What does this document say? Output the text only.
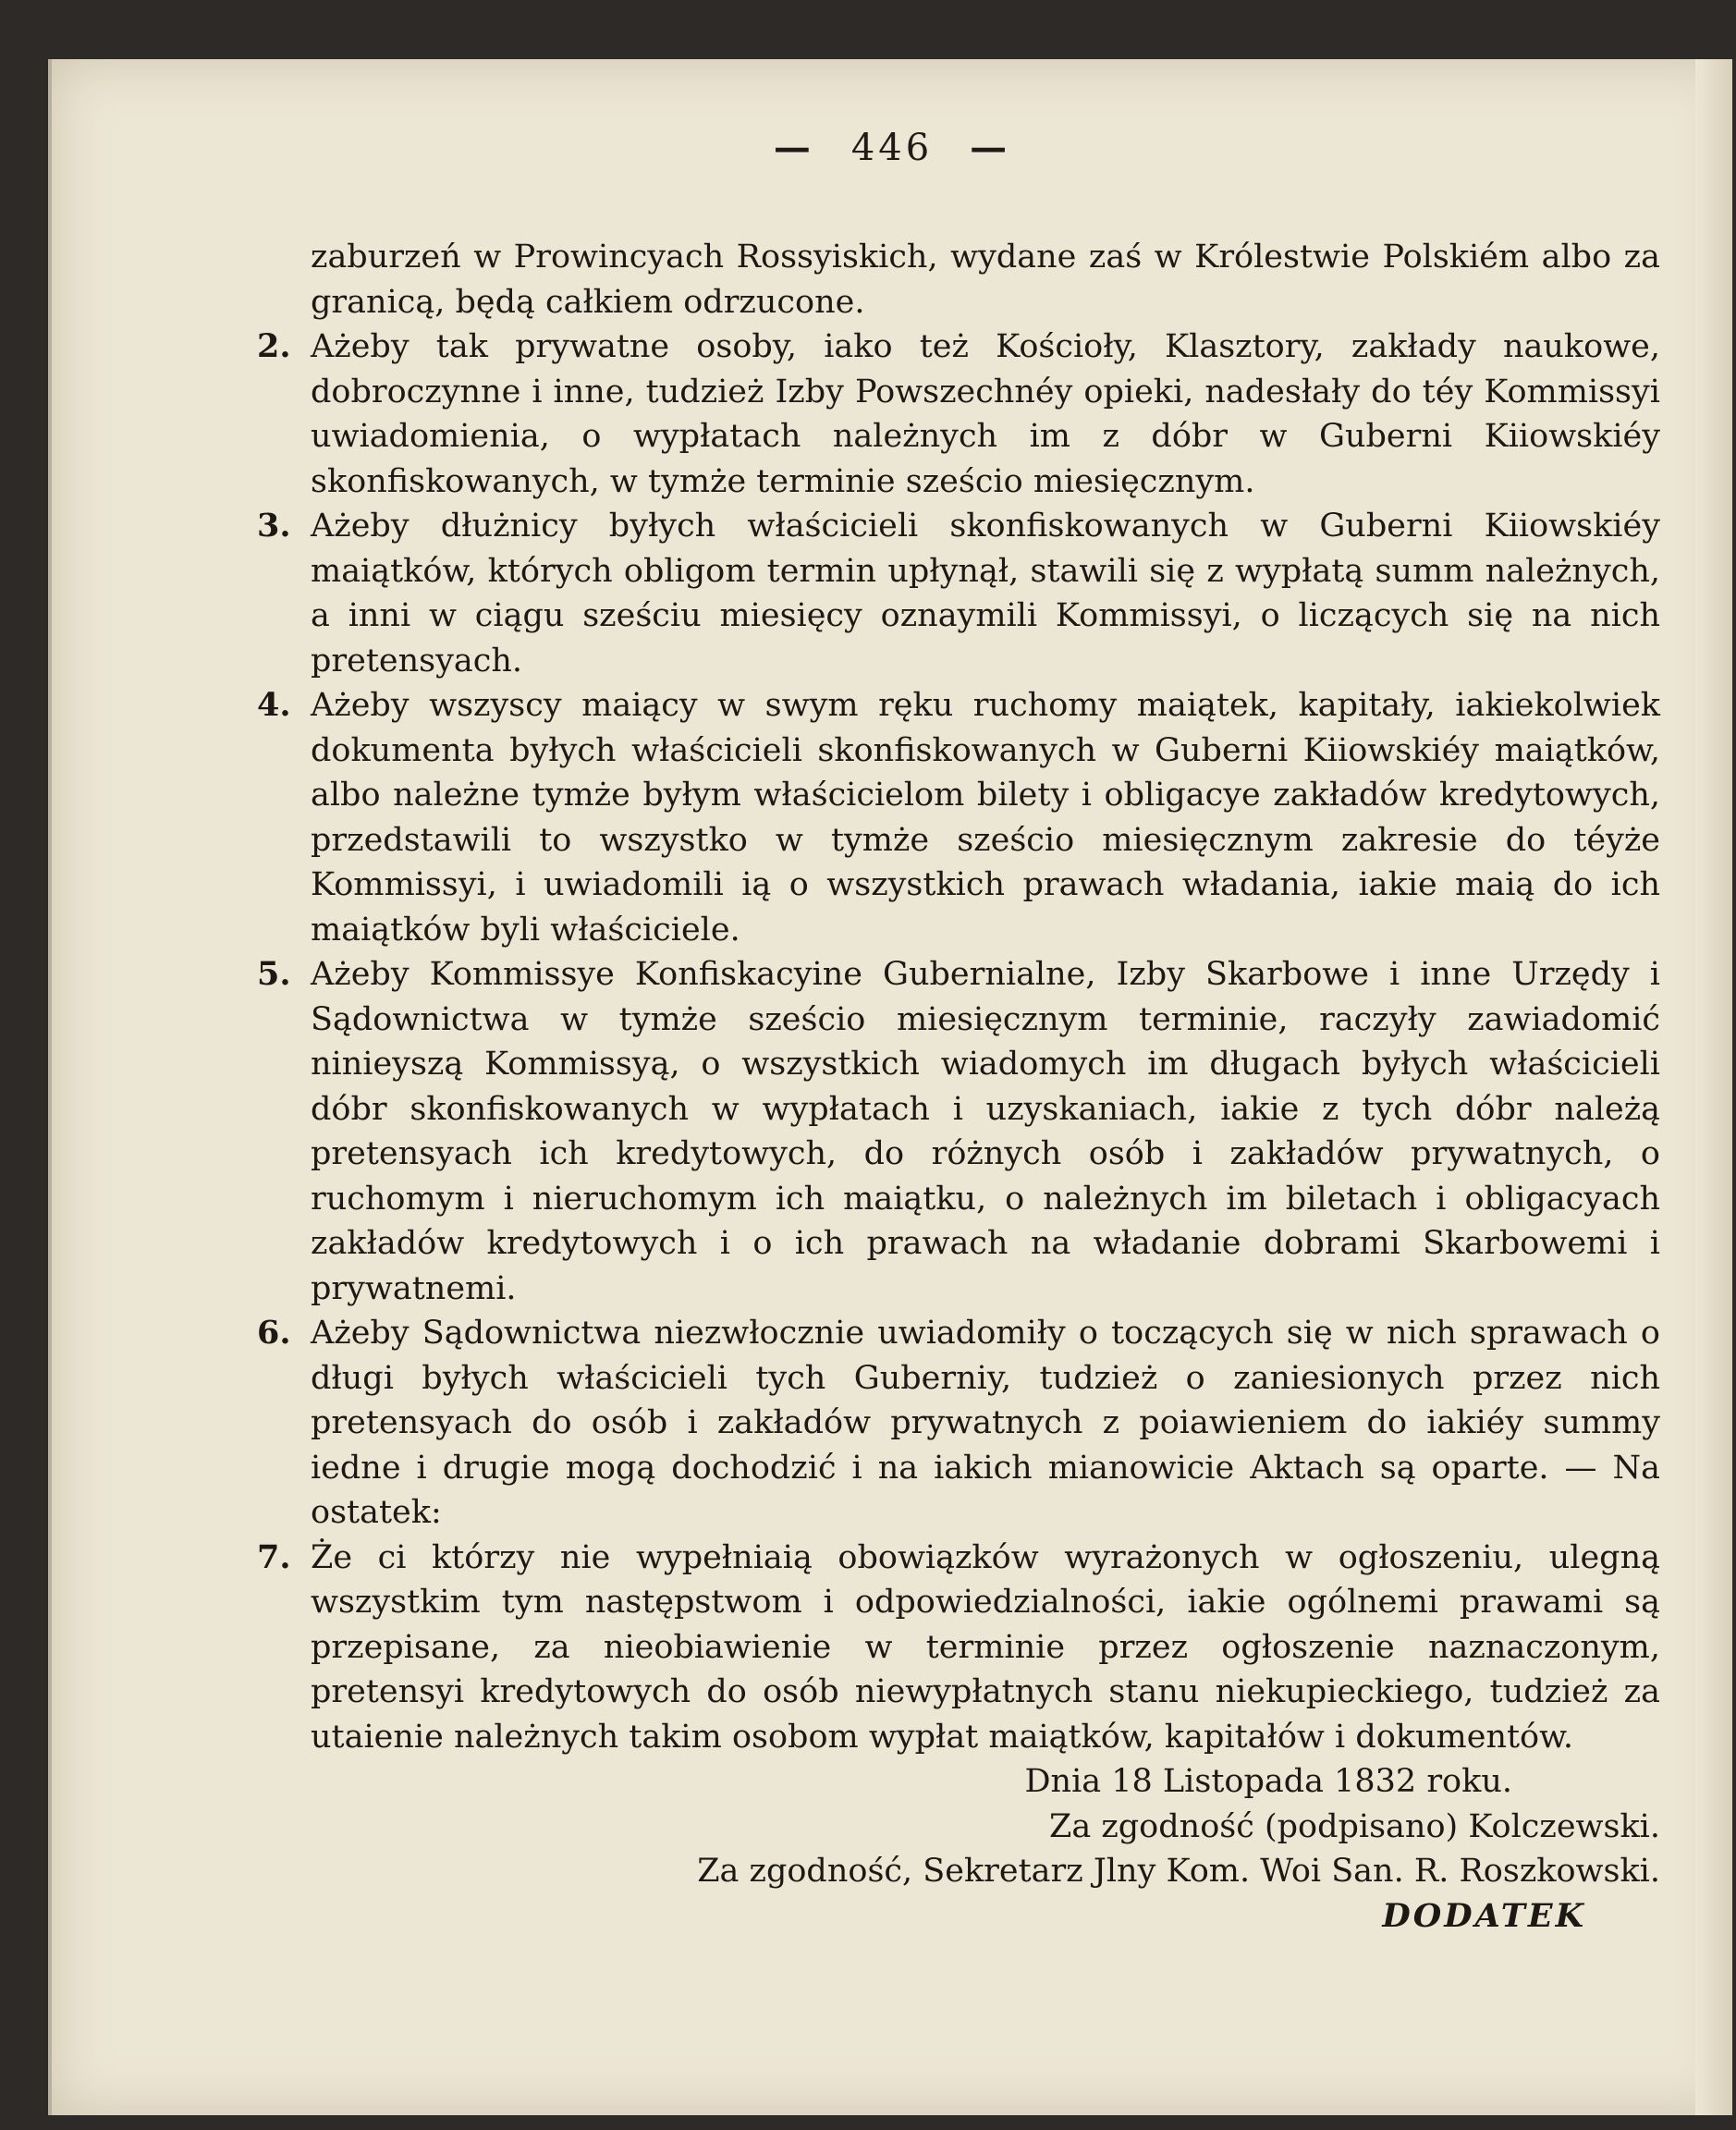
— 446 —

zaburzeń w Prowincyach Rossyiskich, wydane zaś w Królestwie Polskiém albo za granicą, będą całkiem odrzucone.

2. Ażeby tak prywatne osoby, iako też Kościoły, Klasztory, zakłady naukowe, dobroczynne i inne, tudzież Izby Powszechnéy opieki, nadesłały do téy Kommissyi uwiadomienia, o wypłatach należnych im z dóbr w Guberni Kiiowskiéy skonfiskowanych, w tymże terminie sześcio miesięcznym.

3. Ażeby dłużnicy byłych właścicieli skonfiskowanych w Guberni Kiiowskiéy maiątków, których obligom termin upłynął, stawili się z wypłatą summ należnych, a inni w ciągu sześciu miesięcy oznaymili Kommissyi, o liczących się na nich pretensyach.

4. Ażeby wszyscy maiący w swym ręku ruchomy maiątek, kapitały, iakiekolwiek dokumenta byłych właścicieli skonfiskowanych w Guberni Kiiowskiéy maiątków, albo należne tymże byłym właścicielom bilety i obligacye zakładów kredytowych, przedstawili to wszystko w tymże sześcio miesięcznym zakresie do téyże Kommissyi, i uwiadomili ią o wszystkich prawach władania, iakie maią do ich maiątków byli właściciele.

5. Ażeby Kommissye Konfiskacyine Gubernialne, Izby Skarbowe i inne Urzędy i Sądownictwa w tymże sześcio miesięcznym terminie, raczyły zawiadomić ninieyszą Kommissyą, o wszystkich wiadomych im długach byłych właścicieli dóbr skonfiskowanych w wypłatach i uzyskaniach, iakie z tych dóbr należą pretensyach ich kredytowych, do różnych osób i zakładów prywatnych, o ruchomym i nieruchomym ich maiątku, o należnych im biletach i obligacyach zakładów kredytowych i o ich prawach na władanie dobrami Skarbowemi i prywatnemi.

6. Ażeby Sądownictwa niezwłocznie uwiadomiły o toczących się w nich sprawach o długi byłych właścicieli tych Guberniy, tudzież o zaniesionych przez nich pretensyach do osób i zakładów prywatnych z poiawieniem do iakiéy summy iedne i drugie mogą dochodzić i na iakich mianowicie Aktach są oparte. — Na ostatek:

7. Że ci którzy nie wypełniaią obowiązków wyrażonych w ogłoszeniu, ulegną wszystkim tym następstwom i odpowiedzialności, iakie ogólnemi prawami są przepisane, za nieobiawienie w terminie przez ogłoszenie naznaczonym, pretensyi kredytowych do osób niewypłatnych stanu niekupieckiego, tudzież za utaienie należnych takim osobom wypłat maiątków, kapitałów i dokumentów.

Dnia 18 Listopada 1832 roku.

Za zgodność (podpisano) Kolczewski.

Za zgodność, Sekretarz Jlny Kom. Woi San. R. Roszkowski.

DODATEK
